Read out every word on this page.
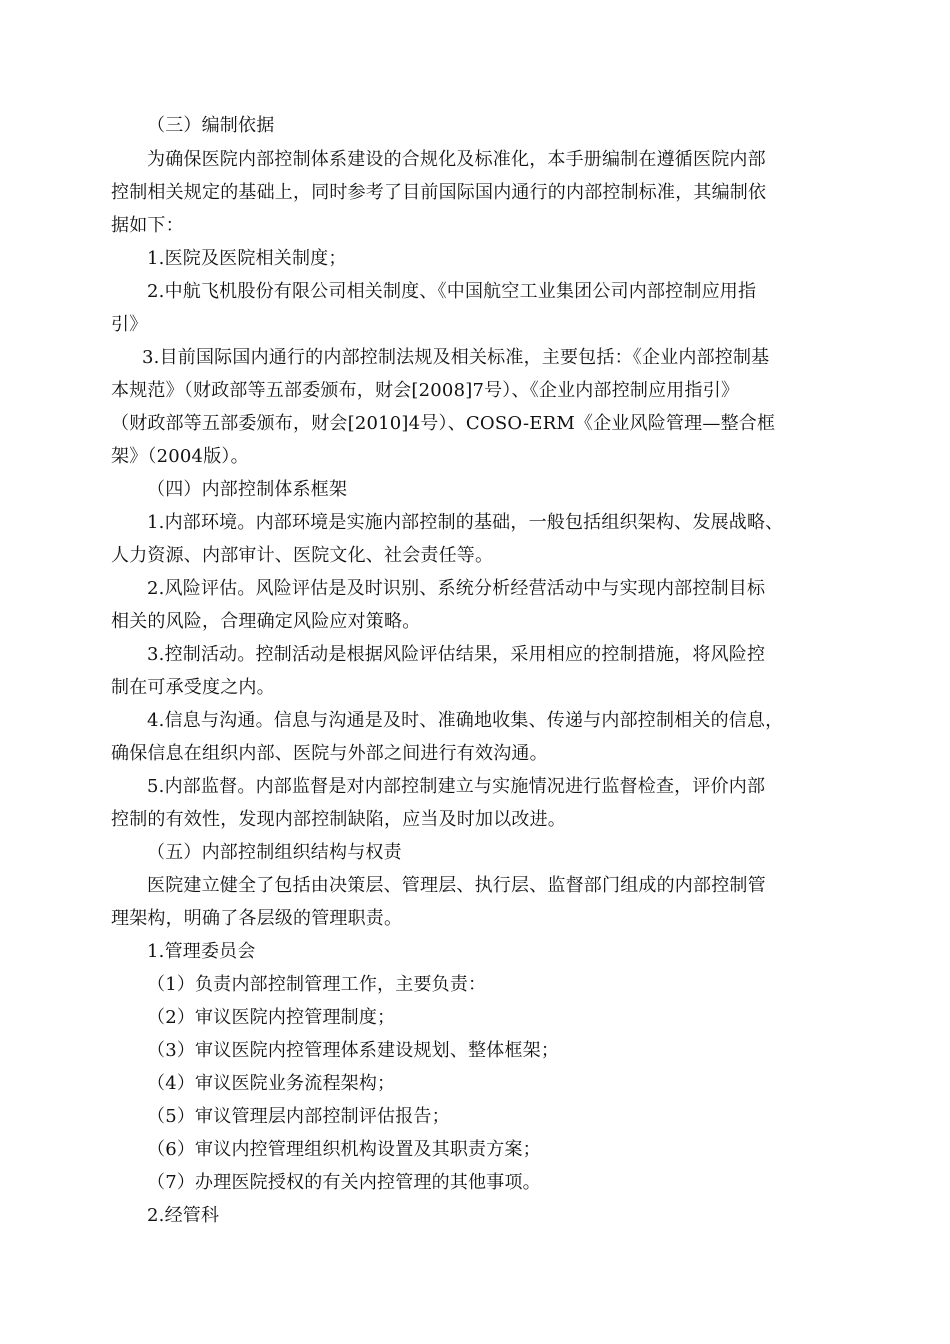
（三）编制依据
为确保医院内部控制体系建设的合规化及标准化，本手册编制在遵循医院内部
控制相关规定的基础上，同时参考了目前国际国内通行的内部控制标准，其编制依
据如下：
1.医院及医院相关制度；
2.中航飞机股份有限公司相关制度、《中国航空工业集团公司内部控制应用指
引》
3.目前国际国内通行的内部控制法规及相关标准，主要包括：《企业内部控制基
本规范》（财政部等五部委颁布，财会[2008]7号）、《企业内部控制应用指引》
（财政部等五部委颁布，财会[2010]4号）、COSO-ERM《企业风险管理—整合框
架》（2004版）。
（四）内部控制体系框架
1.内部环境。内部环境是实施内部控制的基础，一般包括组织架构、发展战略、
人力资源、内部审计、医院文化、社会责任等。
2.风险评估。风险评估是及时识别、系统分析经营活动中与实现内部控制目标
相关的风险，合理确定风险应对策略。
3.控制活动。控制活动是根据风险评估结果，采用相应的控制措施，将风险控
制在可承受度之内。
4.信息与沟通。信息与沟通是及时、准确地收集、传递与内部控制相关的信息，
确保信息在组织内部、医院与外部之间进行有效沟通。
5.内部监督。内部监督是对内部控制建立与实施情况进行监督检查，评价内部
控制的有效性，发现内部控制缺陷，应当及时加以改进。
（五）内部控制组织结构与权责
医院建立健全了包括由决策层、管理层、执行层、监督部门组成的内部控制管
理架构，明确了各层级的管理职责。
1.管理委员会
（1）负责内部控制管理工作，主要负责：
（2）审议医院内控管理制度；
（3）审议医院内控管理体系建设规划、整体框架；
（4）审议医院业务流程架构；
（5）审议管理层内部控制评估报告；
（6）审议内控管理组织机构设置及其职责方案；
（7）办理医院授权的有关内控管理的其他事项。
2.经管科
